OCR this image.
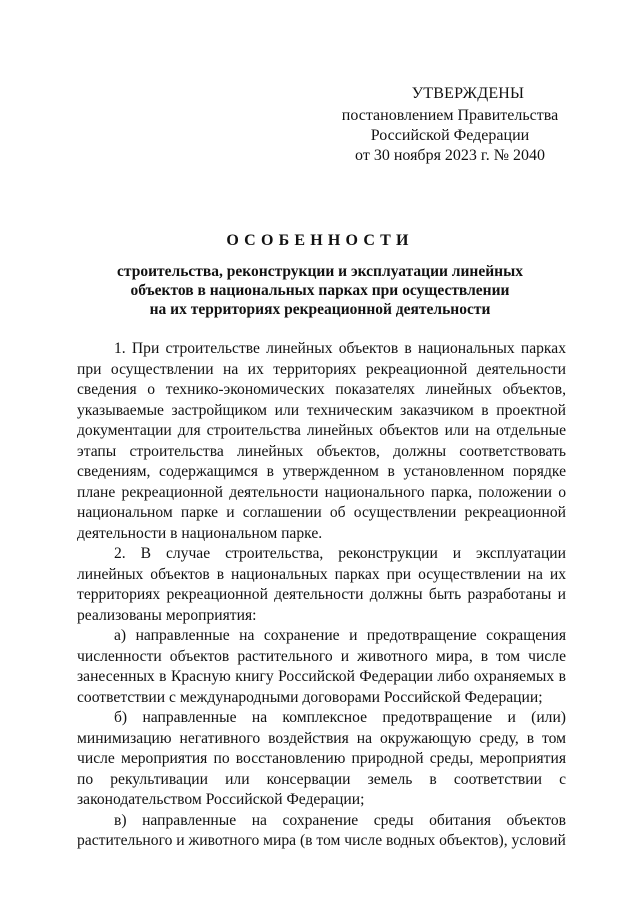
УТВЕРЖДЕНЫ
постановлением Правительства
Российской Федерации
от 30 ноября 2023 г. № 2040
ОСОБЕННОСТИ
строительства, реконструкции и эксплуатации линейных
объектов в национальных парках при осуществлении
на их территориях рекреационной деятельности

1. При строительстве линейных объектов в национальных парках при осуществлении на их территориях рекреационной деятельности сведения о технико-экономических показателях линейных объектов, указываемые застройщиком или техническим заказчиком в проектной документации для строительства линейных объектов или на отдельные этапы строительства линейных объектов, должны соответствовать сведениям, содержащимся в утвержденном в установленном порядке плане рекреационной деятельности национального парка, положении о национальном парке и соглашении об осуществлении рекреационной деятельности в национальном парке.

2. В случае строительства, реконструкции и эксплуатации линейных объектов в национальных парках при осуществлении на их территориях рекреационной деятельности должны быть разработаны и реализованы мероприятия:

а) направленные на сохранение и предотвращение сокращения численности объектов растительного и животного мира, в том числе занесенных в Красную книгу Российской Федерации либо охраняемых в соответствии с международными договорами Российской Федерации;

б) направленные на комплексное предотвращение и (или) минимизацию негативного воздействия на окружающую среду, в том числе мероприятия по восстановлению природной среды, мероприятия по рекультивации или консервации земель в соответствии с законодательством Российской Федерации;

в) направленные на сохранение среды обитания объектов растительного и животного мира (в том числе водных объектов), условий
